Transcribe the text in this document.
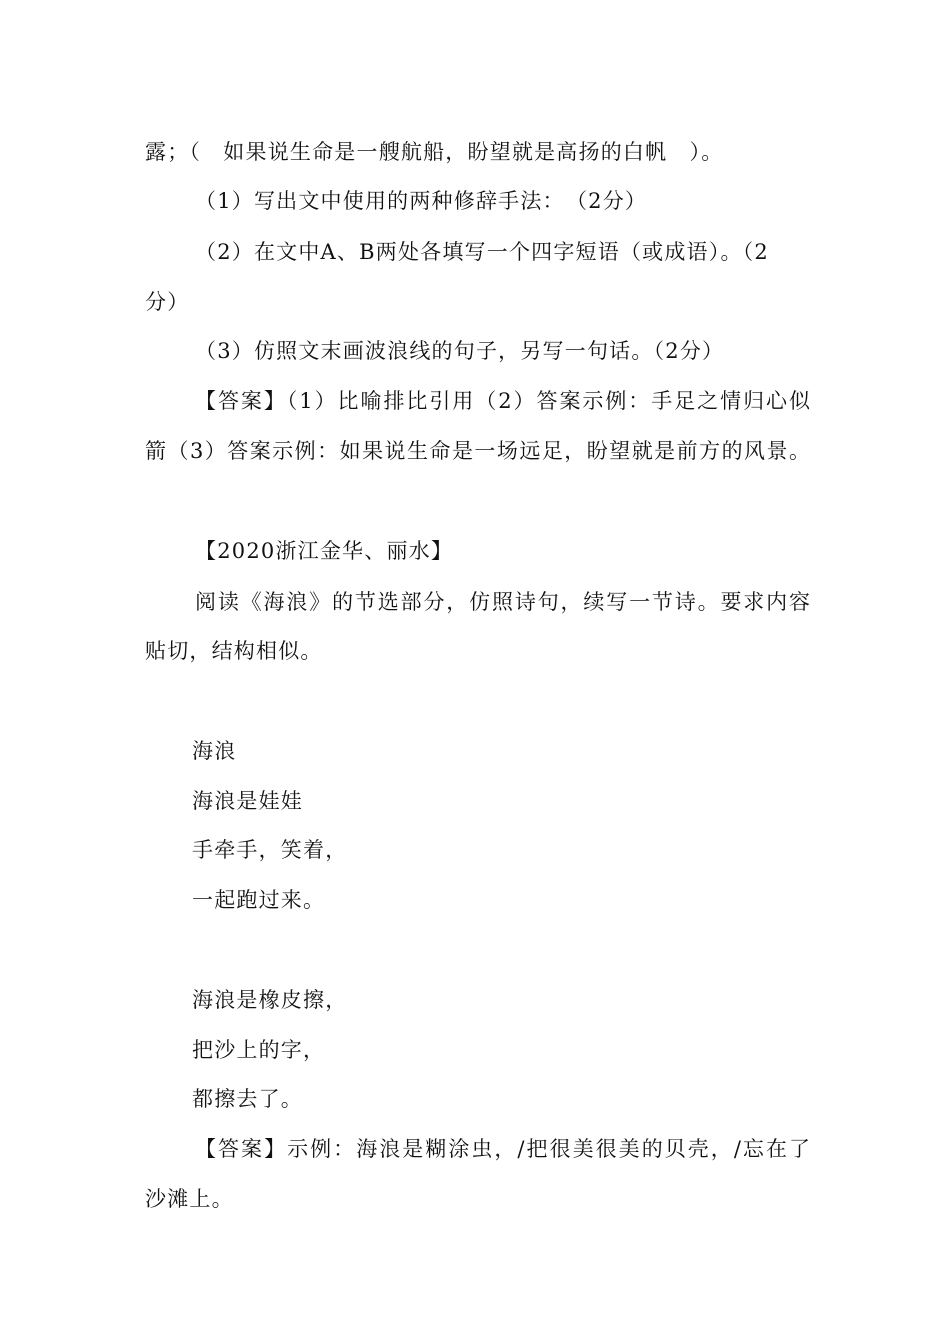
露；（　如果说生命是一艘航船，盼望就是高扬的白帆　）。
（1）写出文中使用的两种修辞手法：　（2分）
（2）在文中A、B两处各填写一个四字短语（或成语）。（2
分）
（3）仿照文末画波浪线的句子，另写一句话。（2分）
【答案】（1）比喻排比引用（2）答案示例：手足之情归心似
箭（3）答案示例：如果说生命是一场远足，盼望就是前方的风景。
【2020浙江金华、丽水】
阅读《海浪》的节选部分，仿照诗句，续写一节诗。要求内容
贴切，结构相似。
海浪
海浪是娃娃
手牵手，笑着，
一起跑过来。
海浪是橡皮擦，
把沙上的字，
都擦去了。
【答案】示例：海浪是糊涂虫，/把很美很美的贝壳，/忘在了
沙滩上。
